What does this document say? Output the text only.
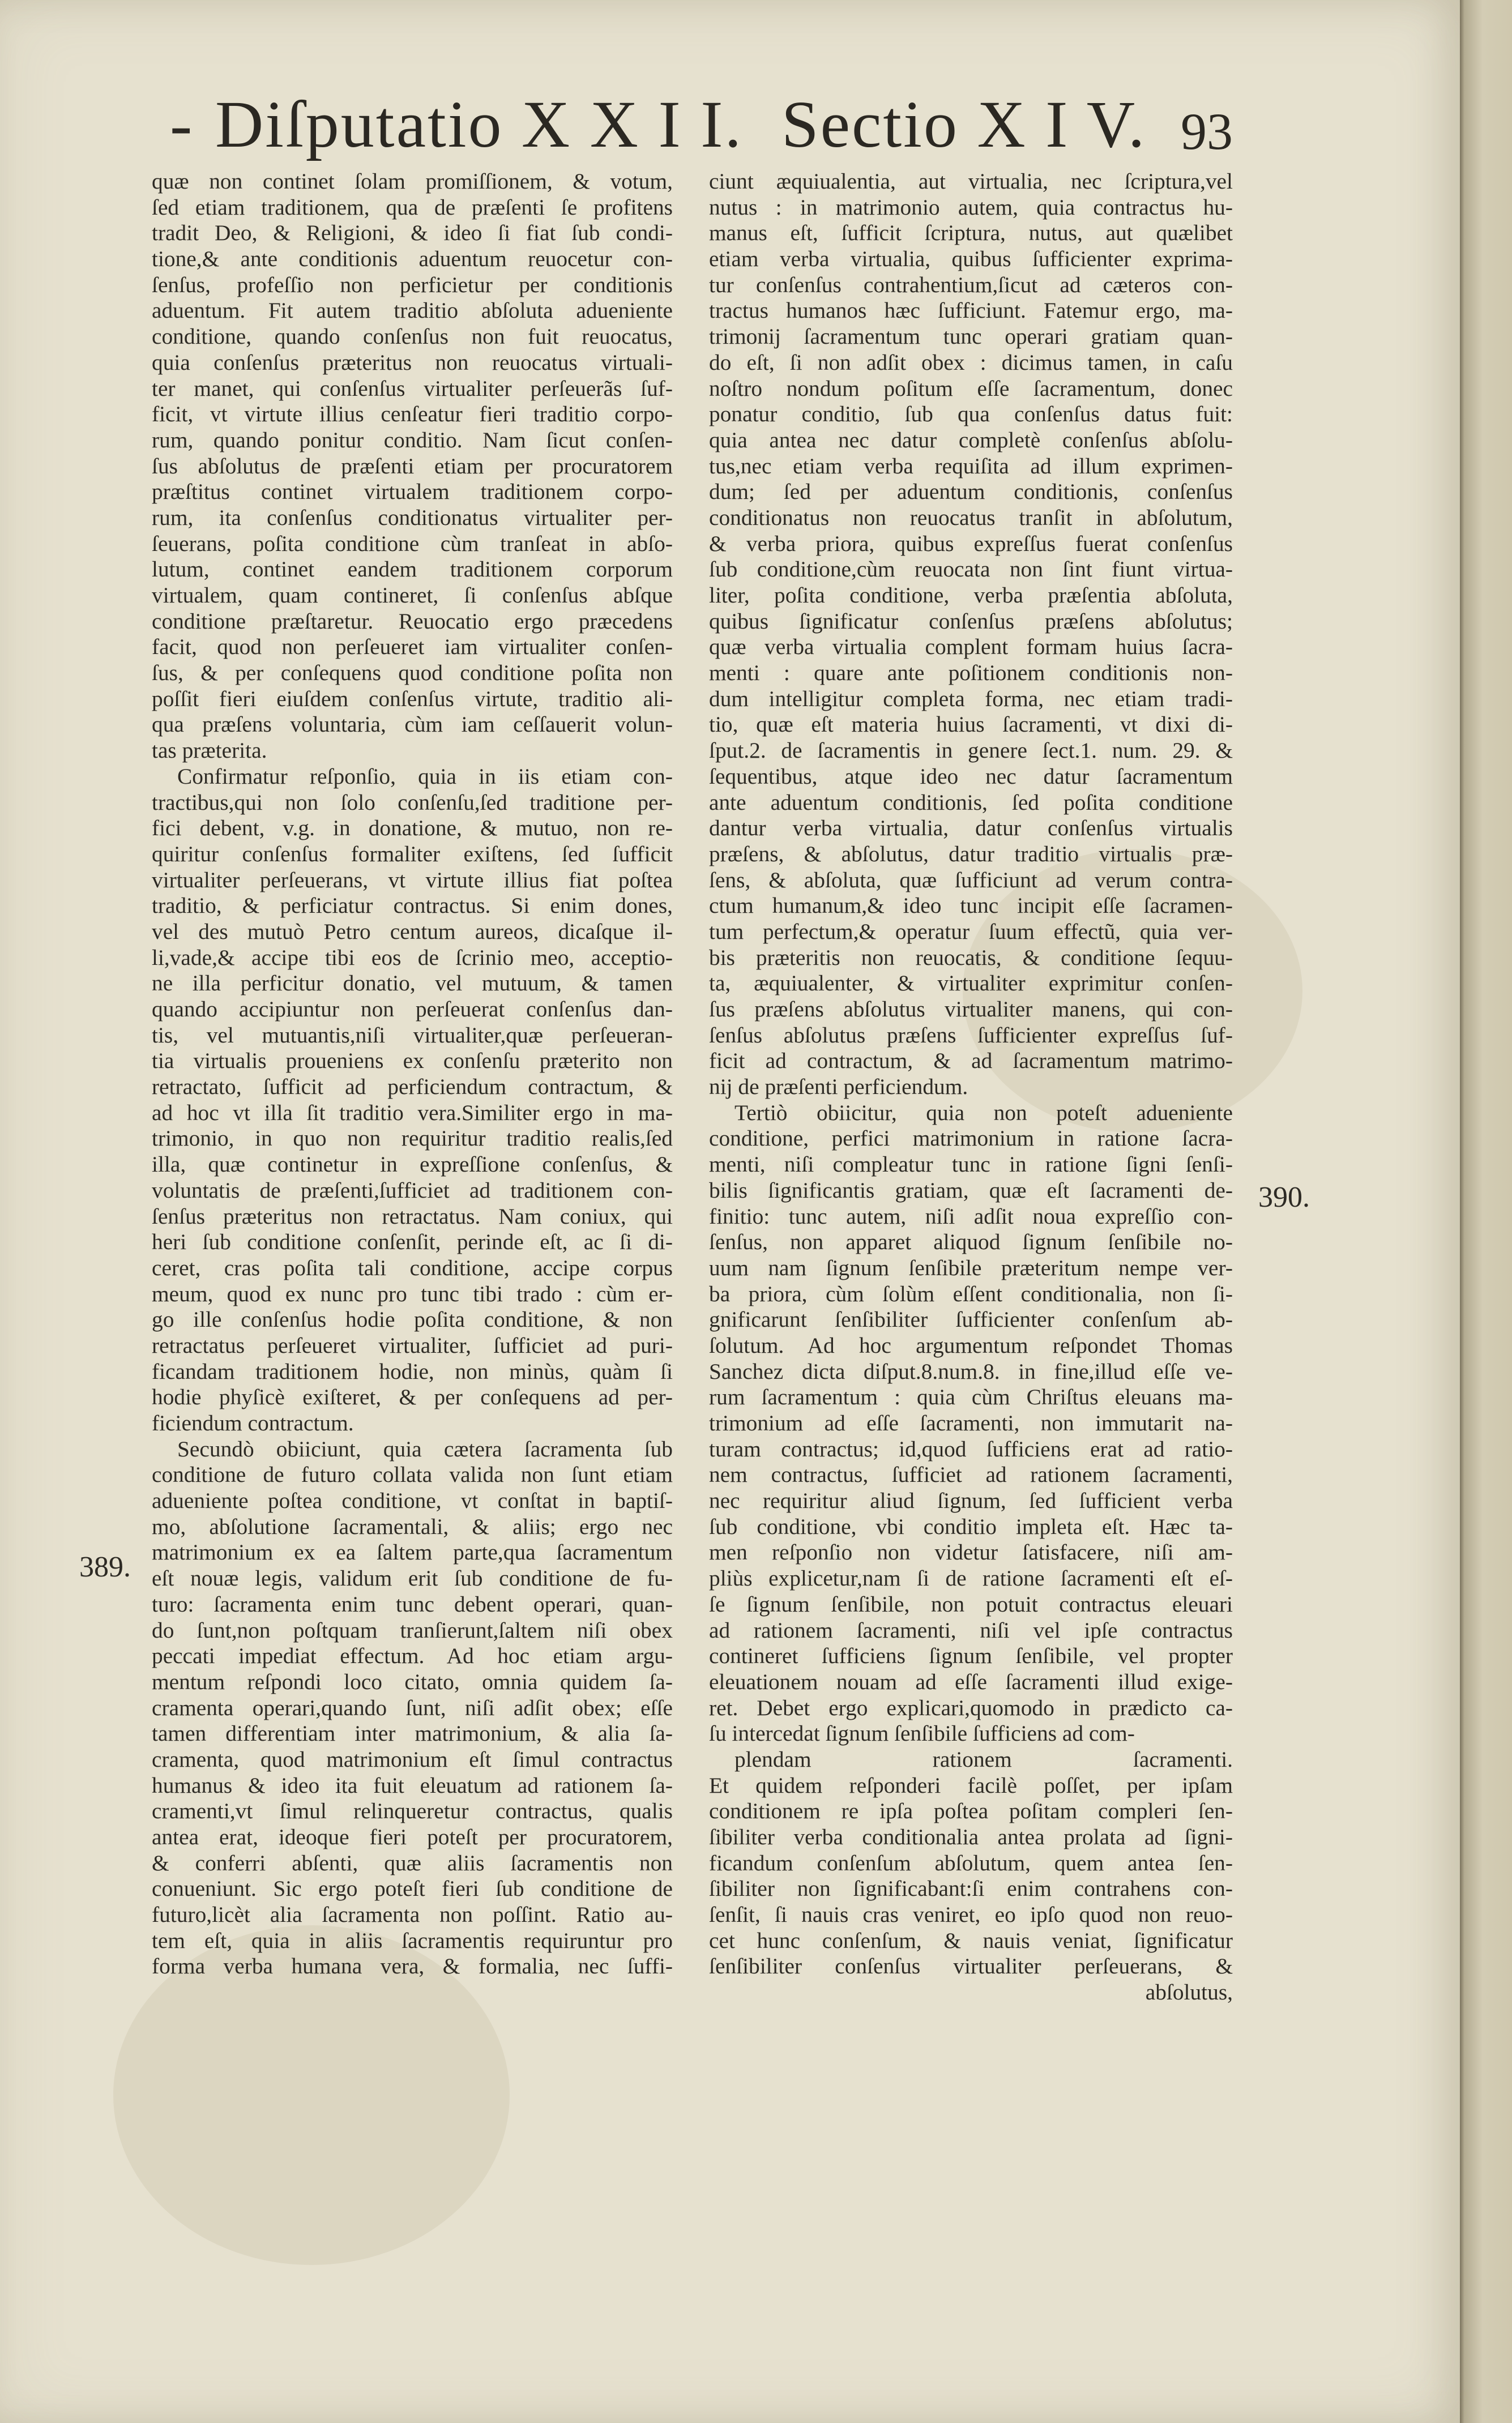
- Diſputatio X X I I. Sectio X I V. 93
quæ non continet ſolam promiſſionem, & votum,
ſed etiam traditionem, qua de præſenti ſe profitens
tradit Deo, & Religioni, & ideo ſi fiat ſub condi-
tione,& ante conditionis aduentum reuocetur con-
ſenſus, profeſſio non perficietur per conditionis
aduentum. Fit autem traditio abſoluta adueniente
conditione, quando conſenſus non fuit reuocatus,
quia conſenſus præteritus non reuocatus virtuali-
ter manet, qui conſenſus virtualiter perſeuerãs ſuf-
ficit, vt virtute illius cenſeatur fieri traditio corpo-
rum, quando ponitur conditio. Nam ſicut conſen-
ſus abſolutus de præſenti etiam per procuratorem
præſtitus continet virtualem traditionem corpo-
rum, ita conſenſus conditionatus virtualiter per-
ſeuerans, poſita conditione cùm tranſeat in abſo-
lutum, continet eandem traditionem corporum
virtualem, quam contineret, ſi conſenſus abſque
conditione præſtaretur. Reuocatio ergo præcedens
facit, quod non perſeueret iam virtualiter conſen-
ſus, & per conſequens quod conditione poſita non
poſſit fieri eiuſdem conſenſus virtute, traditio ali-
qua præſens voluntaria, cùm iam ceſſauerit volun-
tas præterita.
Confirmatur reſponſio, quia in iis etiam con-
tractibus,qui non ſolo conſenſu,ſed traditione per-
fici debent, v.g. in donatione, & mutuo, non re-
quiritur conſenſus formaliter exiſtens, ſed ſufficit
virtualiter perſeuerans, vt virtute illius fiat poſtea
traditio, & perficiatur contractus. Si enim dones,
vel des mutuò Petro centum aureos, dicaſque il-
li,vade,& accipe tibi eos de ſcrinio meo, acceptio-
ne illa perficitur donatio, vel mutuum, & tamen
quando accipiuntur non perſeuerat conſenſus dan-
tis, vel mutuantis,niſi virtualiter,quæ perſeueran-
tia virtualis proueniens ex conſenſu præterito non
retractato, ſufficit ad perficiendum contractum, &
ad hoc vt illa ſit traditio vera.Similiter ergo in ma-
trimonio, in quo non requiritur traditio realis,ſed
illa, quæ continetur in expreſſione conſenſus, &
voluntatis de præſenti,ſufficiet ad traditionem con-
ſenſus præteritus non retractatus. Nam coniux, qui
heri ſub conditione conſenſit, perinde eſt, ac ſi di-
ceret, cras poſita tali conditione, accipe corpus
meum, quod ex nunc pro tunc tibi trado : cùm er-
go ille conſenſus hodie poſita conditione, & non
retractatus perſeueret virtualiter, ſufficiet ad puri-
ficandam traditionem hodie, non minùs, quàm ſi
hodie phyſicè exiſteret, & per conſequens ad per-
ficiendum contractum.
Secundò obiiciunt, quia cætera ſacramenta ſub
conditione de futuro collata valida non ſunt etiam
adueniente poſtea conditione, vt conſtat in baptiſ-
mo, abſolutione ſacramentali, & aliis; ergo nec
matrimonium ex ea ſaltem parte,qua ſacramentum
eſt nouæ legis, validum erit ſub conditione de fu-
turo: ſacramenta enim tunc debent operari, quan-
do ſunt,non poſtquam tranſierunt,ſaltem niſi obex
peccati impediat effectum. Ad hoc etiam argu-
mentum reſpondi loco citato, omnia quidem ſa-
cramenta operari,quando ſunt, niſi adſit obex; eſſe
tamen differentiam inter matrimonium, & alia ſa-
cramenta, quod matrimonium eſt ſimul contractus
humanus & ideo ita fuit eleuatum ad rationem ſa-
cramenti,vt ſimul relinqueretur contractus, qualis
antea erat, ideoque fieri poteſt per procuratorem,
& conferri abſenti, quæ aliis ſacramentis non
conueniunt. Sic ergo poteſt fieri ſub conditione de
futuro,licèt alia ſacramenta non poſſint. Ratio au-
tem eſt, quia in aliis ſacramentis requiruntur pro
forma verba humana vera, & formalia, nec ſuffi-
ciunt æquiualentia, aut virtualia, nec ſcriptura,vel
nutus : in matrimonio autem, quia contractus hu-
manus eſt, ſufficit ſcriptura, nutus, aut quælibet
etiam verba virtualia, quibus ſufficienter exprima-
tur conſenſus contrahentium,ſicut ad cæteros con-
tractus humanos hæc ſufficiunt. Fatemur ergo, ma-
trimonij ſacramentum tunc operari gratiam quan-
do eſt, ſi non adſit obex : dicimus tamen, in caſu
noſtro nondum poſitum eſſe ſacramentum, donec
ponatur conditio, ſub qua conſenſus datus fuit:
quia antea nec datur completè conſenſus abſolu-
tus,nec etiam verba requiſita ad illum exprimen-
dum; ſed per aduentum conditionis, conſenſus
conditionatus non reuocatus tranſit in abſolutum,
& verba priora, quibus expreſſus fuerat conſenſus
ſub conditione,cùm reuocata non ſint fiunt virtua-
liter, poſita conditione, verba præſentia abſoluta,
quibus ſignificatur conſenſus præſens abſolutus;
quæ verba virtualia complent formam huius ſacra-
menti : quare ante poſitionem conditionis non-
dum intelligitur completa forma, nec etiam tradi-
tio, quæ eſt materia huius ſacramenti, vt dixi di-
ſput.2. de ſacramentis in genere ſect.1. num. 29. &
ſequentibus, atque ideo nec datur ſacramentum
ante aduentum conditionis, ſed poſita conditione
dantur verba virtualia, datur conſenſus virtualis
præſens, & abſolutus, datur traditio virtualis præ-
ſens, & abſoluta, quæ ſufficiunt ad verum contra-
ctum humanum,& ideo tunc incipit eſſe ſacramen-
tum perfectum,& operatur ſuum effectũ, quia ver-
bis præteritis non reuocatis, & conditione ſequu-
ta, æquiualenter, & virtualiter exprimitur conſen-
ſus præſens abſolutus virtualiter manens, qui con-
ſenſus abſolutus præſens ſufficienter expreſſus ſuf-
ficit ad contractum, & ad ſacramentum matrimo-
nij de præſenti perficiendum.
Tertiò obiicitur, quia non poteſt adueniente
conditione, perfici matrimonium in ratione ſacra-
menti, niſi compleatur tunc in ratione ſigni ſenſi-
bilis ſignificantis gratiam, quæ eſt ſacramenti de-
finitio: tunc autem, niſi adſit noua expreſſio con-
ſenſus, non apparet aliquod ſignum ſenſibile no-
uum nam ſignum ſenſibile præteritum nempe ver-
ba priora, cùm ſolùm eſſent conditionalia, non ſi-
gnificarunt ſenſibiliter ſufficienter conſenſum ab-
ſolutum. Ad hoc argumentum reſpondet Thomas
Sanchez dicta diſput.8.num.8. in fine,illud eſſe ve-
rum ſacramentum : quia cùm Chriſtus eleuans ma-
trimonium ad eſſe ſacramenti, non immutarit na-
turam contractus; id,quod ſufficiens erat ad ratio-
nem contractus, ſufficiet ad rationem ſacramenti,
nec requiritur aliud ſignum, ſed ſufficient verba
ſub conditione, vbi conditio impleta eſt. Hæc ta-
men reſponſio non videtur ſatisfacere, niſi am-
pliùs explicetur,nam ſi de ratione ſacramenti eſt eſ-
ſe ſignum ſenſibile, non potuit contractus eleuari
ad rationem ſacramenti, niſi vel ipſe contractus
contineret ſufficiens ſignum ſenſibile, vel propter
eleuationem nouam ad eſſe ſacramenti illud exige-
ret. Debet ergo explicari,quomodo in prædicto ca-
ſu intercedat ſignum ſenſibile ſufficiens ad com-
plendam rationem ſacramenti.
Et quidem reſponderi facilè poſſet, per ipſam
conditionem re ipſa poſtea poſitam compleri ſen-
ſibiliter verba conditionalia antea prolata ad ſigni-
ficandum conſenſum abſolutum, quem antea ſen-
ſibiliter non ſignificabant:ſi enim contrahens con-
ſenſit, ſi nauis cras veniret, eo ipſo quod non reuo-
cet hunc conſenſum, & nauis veniat, ſignificatur
ſenſibiliter conſenſus virtualiter perſeuerans, &
abſolutus,
389.
390.
